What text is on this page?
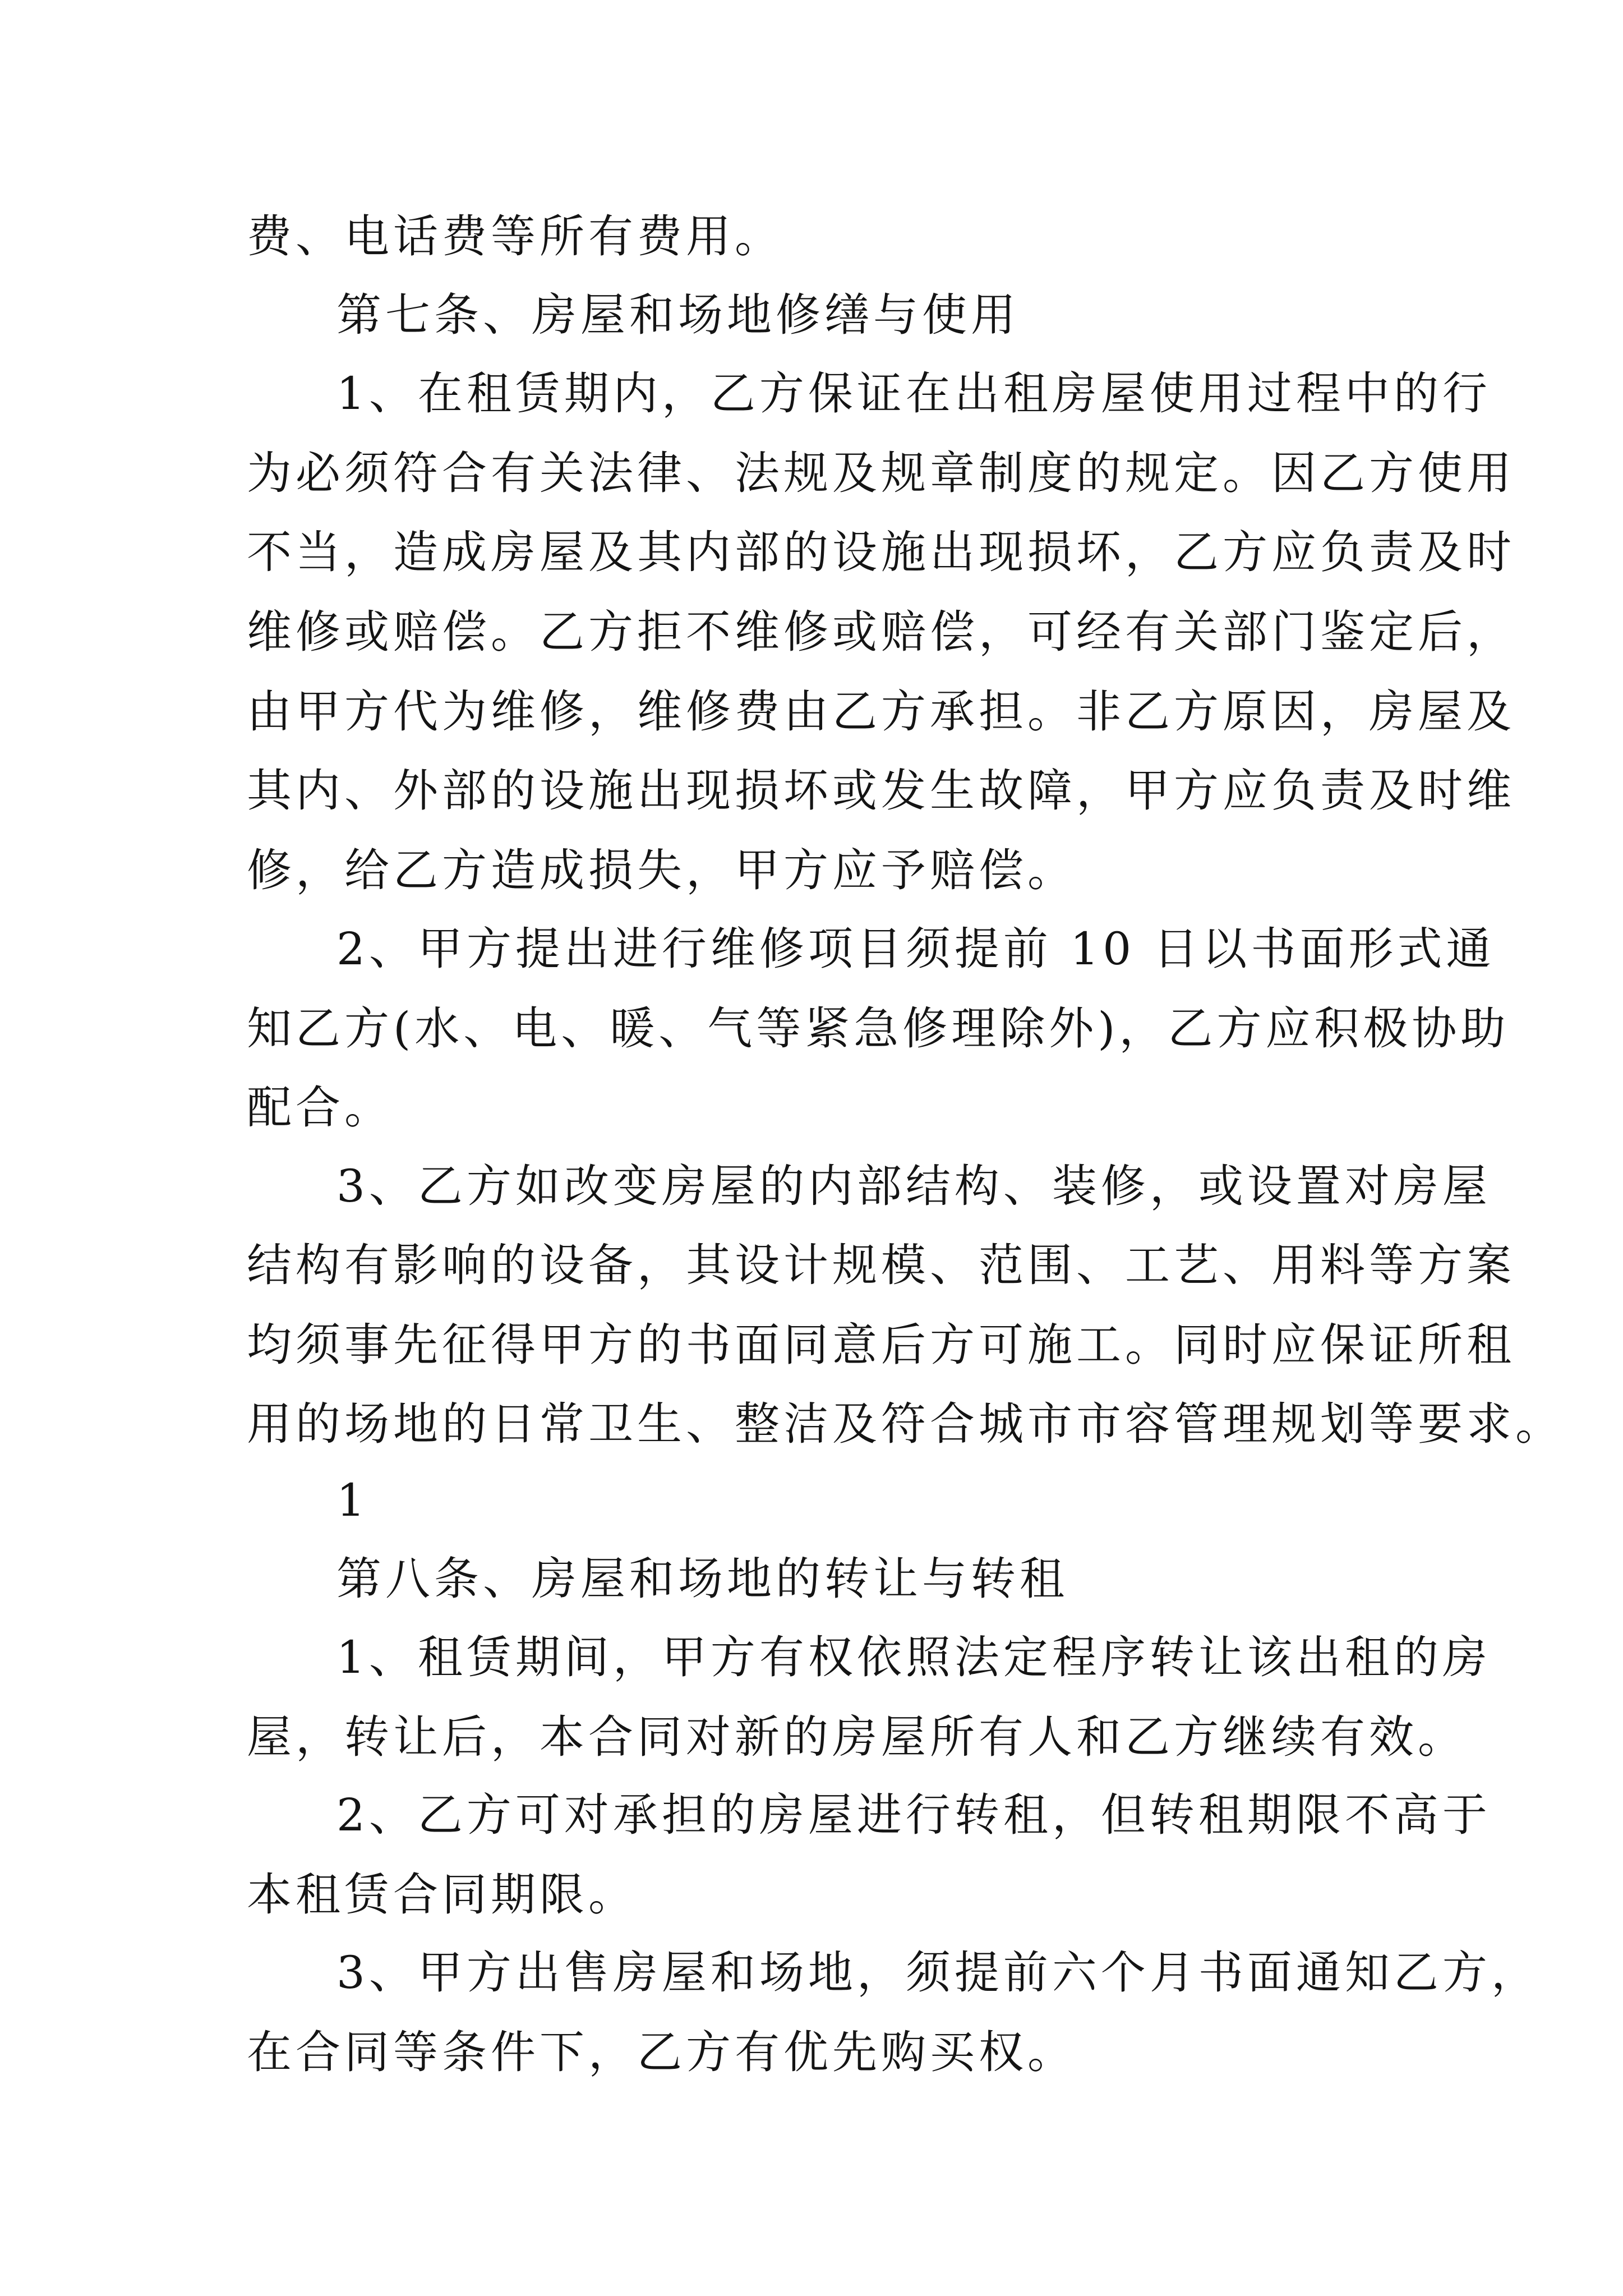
费、电话费等所有费用。
第七条、房屋和场地修缮与使用
1、在租赁期内，乙方保证在出租房屋使用过程中的行
为必须符合有关法律、法规及规章制度的规定。因乙方使用
不当，造成房屋及其内部的设施出现损坏，乙方应负责及时
维修或赔偿。乙方拒不维修或赔偿，可经有关部门鉴定后，
由甲方代为维修，维修费由乙方承担。非乙方原因，房屋及
其内、外部的设施出现损坏或发生故障，甲方应负责及时维
修，给乙方造成损失，甲方应予赔偿。
2、甲方提出进行维修项目须提前 10 日以书面形式通
知乙方(水、电、暖、气等紧急修理除外)，乙方应积极协助
配合。
3、乙方如改变房屋的内部结构、装修，或设置对房屋
结构有影响的设备，其设计规模、范围、工艺、用料等方案
均须事先征得甲方的书面同意后方可施工。同时应保证所租
用的场地的日常卫生、整洁及符合城市市容管理规划等要求。
1
第八条、房屋和场地的转让与转租
1、租赁期间，甲方有权依照法定程序转让该出租的房
屋，转让后，本合同对新的房屋所有人和乙方继续有效。
2、乙方可对承担的房屋进行转租，但转租期限不高于
本租赁合同期限。
3、甲方出售房屋和场地，须提前六个月书面通知乙方，
在合同等条件下，乙方有优先购买权。
